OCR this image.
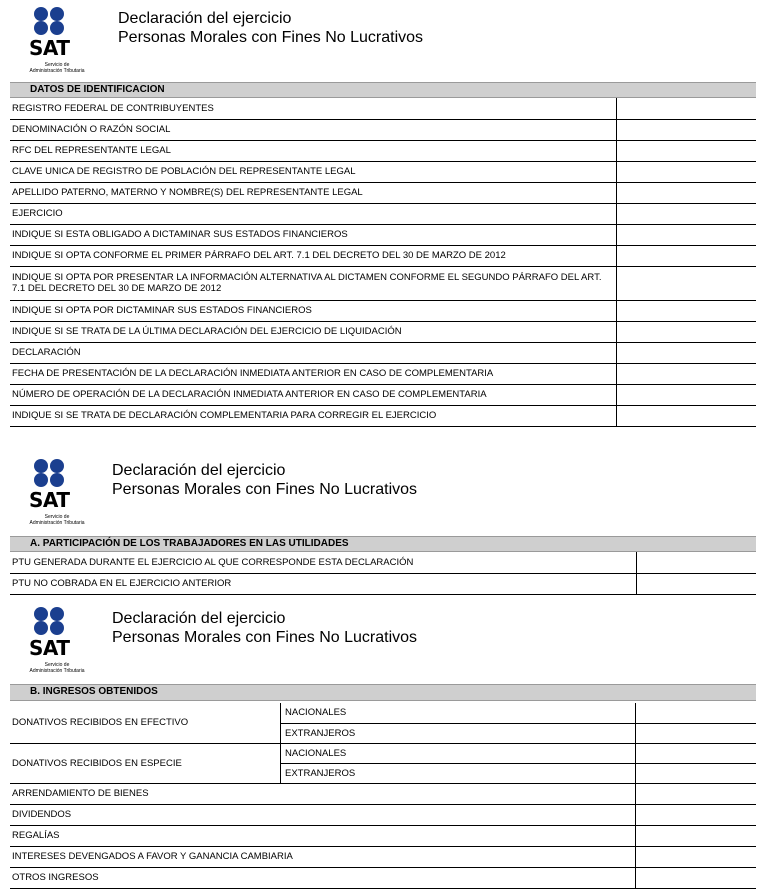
SAT
Servicio de
Administración Tributaria
Declaración del ejercicio
Personas Morales con Fines No Lucrativos
DATOS DE IDENTIFICACION
REGISTRO FEDERAL DE CONTRIBUYENTES	
DENOMINACIÓN O RAZÓN SOCIAL	
RFC DEL REPRESENTANTE LEGAL	
CLAVE UNICA DE REGISTRO DE POBLACIÓN DEL REPRESENTANTE LEGAL	
APELLIDO PATERNO, MATERNO Y NOMBRE(S) DEL REPRESENTANTE LEGAL	
EJERCICIO	
INDIQUE SI ESTA OBLIGADO A DICTAMINAR SUS ESTADOS FINANCIEROS	
INDIQUE SI OPTA CONFORME EL PRIMER PÁRRAFO DEL ART. 7.1 DEL DECRETO DEL 30 DE MARZO DE 2012	
INDIQUE SI OPTA POR PRESENTAR LA INFORMACIÓN ALTERNATIVA AL DICTAMEN CONFORME EL SEGUNDO PÁRRAFO DEL ART. 7.1 DEL DECRETO DEL 30 DE MARZO DE 2012	
INDIQUE SI OPTA POR DICTAMINAR SUS ESTADOS FINANCIEROS	
INDIQUE SI SE TRATA DE LA ÚLTIMA DECLARACIÓN DEL EJERCICIO DE LIQUIDACIÓN	
DECLARACIÓN	
FECHA DE PRESENTACIÓN DE LA DECLARACIÓN INMEDIATA ANTERIOR EN CASO DE COMPLEMENTARIA	
NÚMERO DE OPERACIÓN DE LA DECLARACIÓN INMEDIATA ANTERIOR EN CASO DE COMPLEMENTARIA	
INDIQUE SI SE TRATA DE DECLARACIÓN COMPLEMENTARIA PARA CORREGIR EL EJERCICIO	
SAT
Servicio de
Administración Tributaria
Declaración del ejercicio
Personas Morales con Fines No Lucrativos
A. PARTICIPACIÓN DE LOS TRABAJADORES EN LAS UTILIDADES
PTU GENERADA DURANTE EL EJERCICIO AL QUE CORRESPONDE ESTA DECLARACIÓN	
PTU NO COBRADA EN EL EJERCICIO ANTERIOR	
SAT
Servicio de
Administración Tributaria
Declaración del ejercicio
Personas Morales con Fines No Lucrativos
B. INGRESOS OBTENIDOS
DONATIVOS RECIBIDOS EN EFECTIVO	NACIONALES	
	EXTRANJEROS	
DONATIVOS RECIBIDOS EN ESPECIE	NACIONALES	
	EXTRANJEROS	
ARRENDAMIENTO DE BIENES		
DIVIDENDOS		
REGALÍAS		
INTERESES DEVENGADOS A FAVOR Y GANANCIA CAMBIARIA		
OTROS INGRESOS		
